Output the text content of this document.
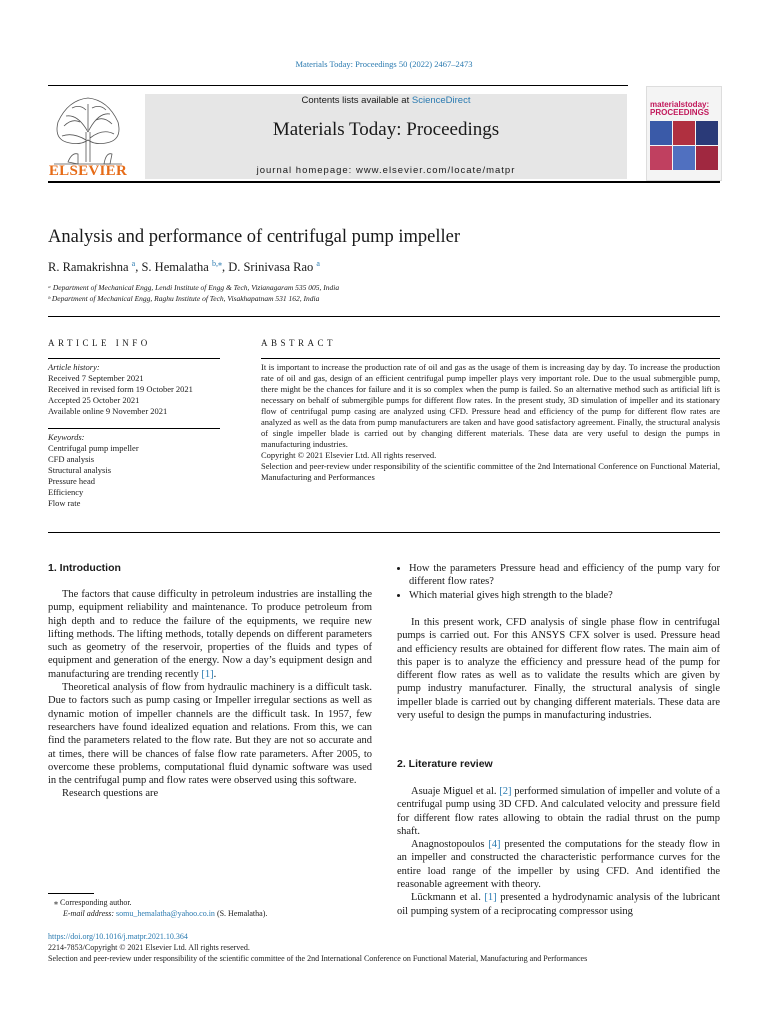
Materials Today: Proceedings 50 (2022) 2467–2473
ELSEVIER
Contents lists available at ScienceDirect
Materials Today: Proceedings
journal homepage: www.elsevier.com/locate/matpr
materialstoday: PROCEEDINGS
Analysis and performance of centrifugal pump impeller
R. Ramakrishna $^a$, S. Hemalatha $^{b,⁎}$, D. Srinivasa Rao $^a$
ᵃ Department of Mechanical Engg, Lendi Institute of Engg & Tech, Vizianagaram 535 005, India
ᵇ Department of Mechanical Engg, Raghu Institute of Tech, Visakhapatnam 531 162, India
ARTICLE INFO	ABSTRACT
Article history:
Received 7 September 2021
Received in revised form 19 October 2021
Accepted 25 October 2021
Available online 9 November 2021
Keywords:
Centrifugal pump impeller
CFD analysis
Structural analysis
Pressure head
Efficiency
Flow rate

It is important to increase the production rate of oil and gas as the usage of them is increasing day by day. To increase the production rate of oil and gas, design of an efficient centrifugal pump impeller plays very important role. Due to the usual submergible pump, there might be the chances for failure and it is so complex when the pump is failed. So an alternative method such as artificial lift is necessary on behalf of submergible pumps for different flow rates. In the present study, 3D simulation of impeller and its stationary flow of centrifugal pump casing are analyzed using CFD. Pressure head and efficiency of the pump for different flow rates are analyzed as well as the data from pump manufacturers are taken and have good satisfactory agreement. Finally, the structural analysis of single impeller blade is carried out by changing different materials. These data are very useful to design the pumps in manufacturing industries.

Copyright © 2021 Elsevier Ltd. All rights reserved.

Selection and peer-review under responsibility of the scientific committee of the 2nd International Conference on Functional Material, Manufacturing and Performances

1. Introduction

The factors that cause difficulty in petroleum industries are installing the pump, equipment reliability and maintenance. To produce petroleum from high depth and to reduce the failure of the equipments, we require new lifting methods. The lifting methods, totally depends on different parameters such as geometry of the reservoir, properties of the fluids and types of equipment and generation of the energy. Now a day’s equipment design and manufacturing are trending recently [1].

Theoretical analysis of flow from hydraulic machinery is a difficult task. Due to factors such as pump casing or Impeller irregular sections as well as dynamic motion of impeller channels are the difficult task. In 1957, few researchers have found idealized equation and relations. From this, we can find the parameters related to the flow rate. But they are not so accurate and at times, there will be chances of false flow rate parameters. After 2005, to overcome these problems, computational fluid dynamic software was used in the centrifugal pump and flow rates were observed using this software.

Research questions are

• How the parameters Pressure head and efficiency of the pump vary for different flow rates?
• Which material gives high strength to the blade?

In this present work, CFD analysis of single phase flow in centrifugal pumps is carried out. For this ANSYS CFX solver is used. Pressure head and efficiency results are obtained for different flow rates. The main aim of this paper is to analyze the efficiency and pressure head of the pump for different flow rates as well as to validate the results which are given by pump industry manufacturer. Finally, the structural analysis of single impeller blade is carried out by changing different materials. These data are very useful to design the pumps in manufacturing industries.

2. Literature review

Asuaje Miguel et al. [2] performed simulation of impeller and volute of a centrifugal pump using 3D CFD. And calculated velocity and pressure field for different flow rates allowing to obtain the radial thrust on the pump shaft.

Anagnostopoulos [4] presented the computations for the steady flow in an impeller and constructed the characteristic performance curves for the entire load range of the impeller by using CFD. And identified the reasonable agreement with theory.

Lückmann et al. [1] presented a hydrodynamic analysis of the lubricant oil pumping system of a reciprocating compressor using

⁎ Corresponding author.
E-mail address: somu_hemalatha@yahoo.co.in (S. Hemalatha).
https://doi.org/10.1016/j.matpr.2021.10.364
2214-7853/Copyright © 2021 Elsevier Ltd. All rights reserved.
Selection and peer-review under responsibility of the scientific committee of the 2nd International Conference on Functional Material, Manufacturing and Performances
